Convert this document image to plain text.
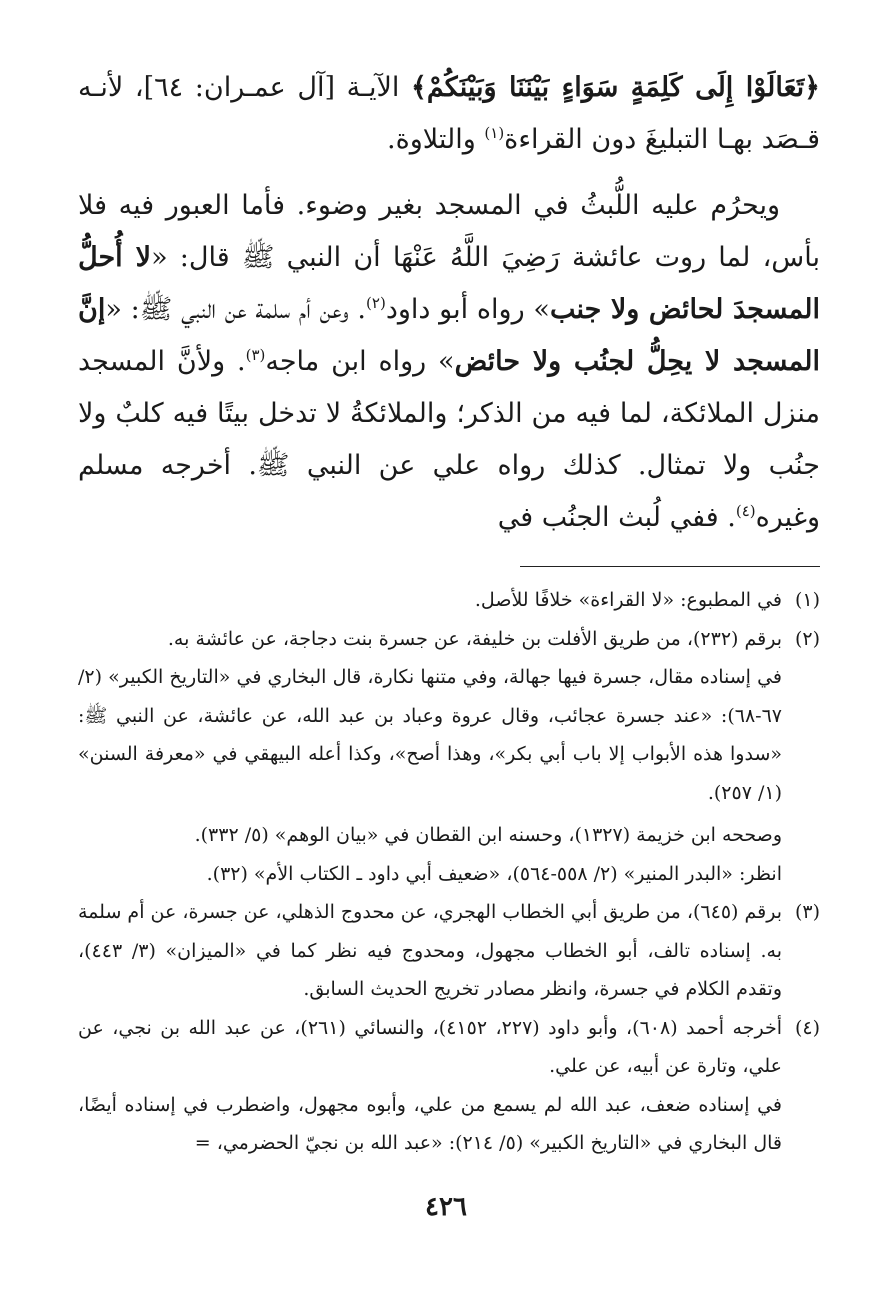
﴿تَعَالَوْا إِلَى كَلِمَةٍ سَوَاءٍ بَيْنَنَا وَبَيْنَكُمْ﴾ الآيـة [آل عمـران: ٦٤]، لأنـه قـصَد بهـا التبليغَ دون القراءة$^{(١)}$ والتلاوة.

ويحرُم عليه اللُّبثُ في المسجد بغير وضوء. فأما العبور فيه فلا بأس، لما روت عائشة رَضِيَ اللَّهُ عَنْهَا أن النبي ﷺ قال: «لا أُحلُّ المسجدَ لحائض ولا جنب» رواه أبو داود$^{(٢)}$. وعن أم سلمة عن النبي ﷺ: «إنَّ المسجد لا يحِلُّ لجنُب ولا حائض» رواه ابن ماجه$^{(٣)}$. ولأنَّ المسجد منزل الملائكة، لما فيه من الذكر؛ والملائكةُ لا تدخل بيتًا فيه كلبٌ ولا جنُب ولا تمثال. كذلك رواه علي عن النبي ﷺ. أخرجه مسلم وغيره$^{(٤)}$. ففي لُبث الجنُب في

(١)

في المطبوع: «لا القراءة» خلافًا للأصل.

(٢)

برقم (٢٣٢)، من طريق الأفلت بن خليفة، عن جسرة بنت دجاجة، عن عائشة به.

في إسناده مقال، جسرة فيها جهالة، وفي متنها نكارة، قال البخاري في «التاريخ الكبير» (٢/ ٦٧-٦٨): «عند جسرة عجائب، وقال عروة وعباد بن عبد الله، عن عائشة، عن النبي ﷺ: «سدوا هذه الأبواب إلا باب أبي بكر»، وهذا أصح»، وكذا أعله البيهقي في «معرفة السنن» (١/ ٢٥٧).

وصححه ابن خزيمة (١٣٢٧)، وحسنه ابن القطان في «بيان الوهم» (٥/ ٣٣٢).

انظر: «البدر المنير» (٢/ ٥٥٨-٥٦٤)، «ضعيف أبي داود ـ الكتاب الأم» (٣٢).

(٣)

برقم (٦٤٥)، من طريق أبي الخطاب الهجري، عن محدوج الذهلي، عن جسرة، عن أم سلمة به. إسناده تالف، أبو الخطاب مجهول، ومحدوج فيه نظر كما في «الميزان» (٣/ ٤٤٣)، وتقدم الكلام في جسرة، وانظر مصادر تخريج الحديث السابق.

(٤)

أخرجه أحمد (٦٠٨)، وأبو داود (٢٢٧، ٤١٥٢)، والنسائي (٢٦١)، عن عبد الله بن نجي، عن علي، وتارة عن أبيه، عن علي.

في إسناده ضعف، عبد الله لم يسمع من علي، وأبوه مجهول، واضطرب في إسناده أيضًا، قال البخاري في «التاريخ الكبير» (٥/ ٢١٤): «عبد الله بن نجيّ الحضرمي، =

٤٢٦
